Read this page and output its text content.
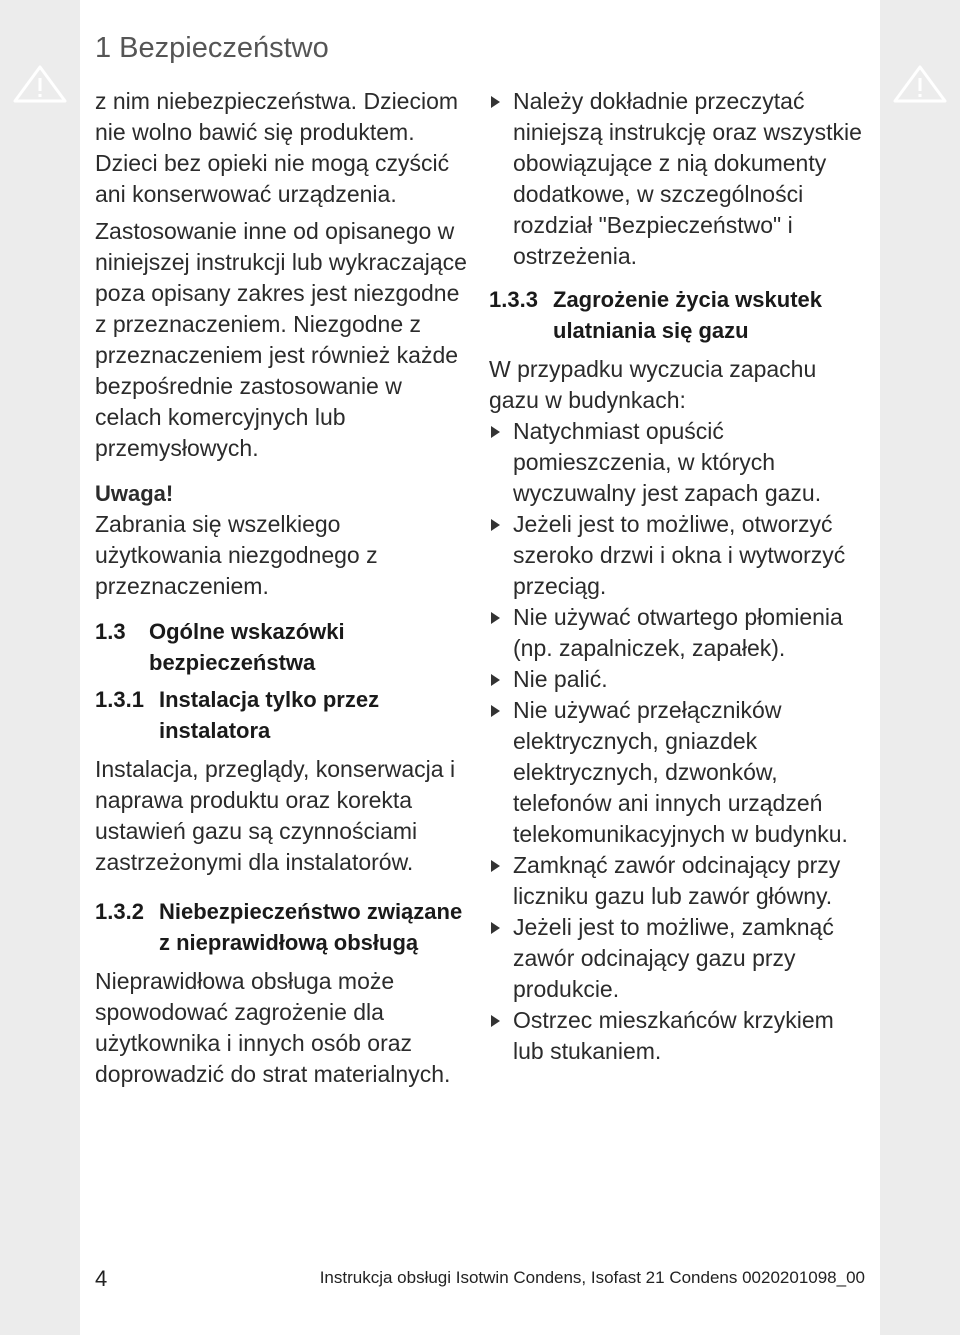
1 Bezpieczeństwo

z nim niebezpieczeństwa. Dzieciom nie wolno bawić się produktem. Dzieci bez opieki nie mogą czyścić ani konserwować urządzenia.

Zastosowanie inne od opisanego w niniejszej instrukcji lub wykraczające poza opisany zakres jest niezgodne z przeznaczeniem. Niezgodne z przeznaczeniem jest również każde bezpośrednie zastosowanie w celach komercyjnych lub przemysłowych.

Uwaga!

Zabrania się wszelkiego użytkowania niezgodnego z przeznaczeniem.

1.3	Ogólne wskazówki bezpieczeństwa
1.3.1 Instalacja tylko przez instalatora

Instalacja, przeglądy, konserwacja i naprawa produktu oraz korekta ustawień gazu są czynnościami zastrzeżonymi dla instalatorów.

1.3.2 Niebezpieczeństwo związane z nieprawidłową obsługą

Nieprawidłowa obsługa może spowodować zagrożenie dla użytkownika i innych osób oraz doprowadzić do strat materialnych.

Należy dokładnie przeczytać niniejszą instrukcję oraz wszystkie obowiązujące z nią dokumenty dodatkowe, w szczególności rozdział "Bezpieczeństwo" i ostrzeżenia.
1.3.3 Zagrożenie życia wskutek ulatniania się gazu

W przypadku wyczucia zapachu gazu w budynkach:

Natychmiast opuścić pomieszczenia, w których wyczuwalny jest zapach gazu.
Jeżeli jest to możliwe, otworzyć szeroko drzwi i okna i wytworzyć przeciąg.
Nie używać otwartego płomienia (np. zapalniczek, zapałek).
Nie palić.
Nie używać przełączników elektrycznych, gniazdek elektrycznych, dzwonków, telefonów ani innych urządzeń telekomunikacyjnych w budynku.
Zamknąć zawór odcinający przy liczniku gazu lub zawór główny.
Jeżeli jest to możliwe, zamknąć zawór odcinający gazu przy produkcie.
Ostrzec mieszkańców krzykiem lub stukaniem.
4	Instrukcja obsługi Isotwin Condens, Isofast 21 Condens 0020201098_00
